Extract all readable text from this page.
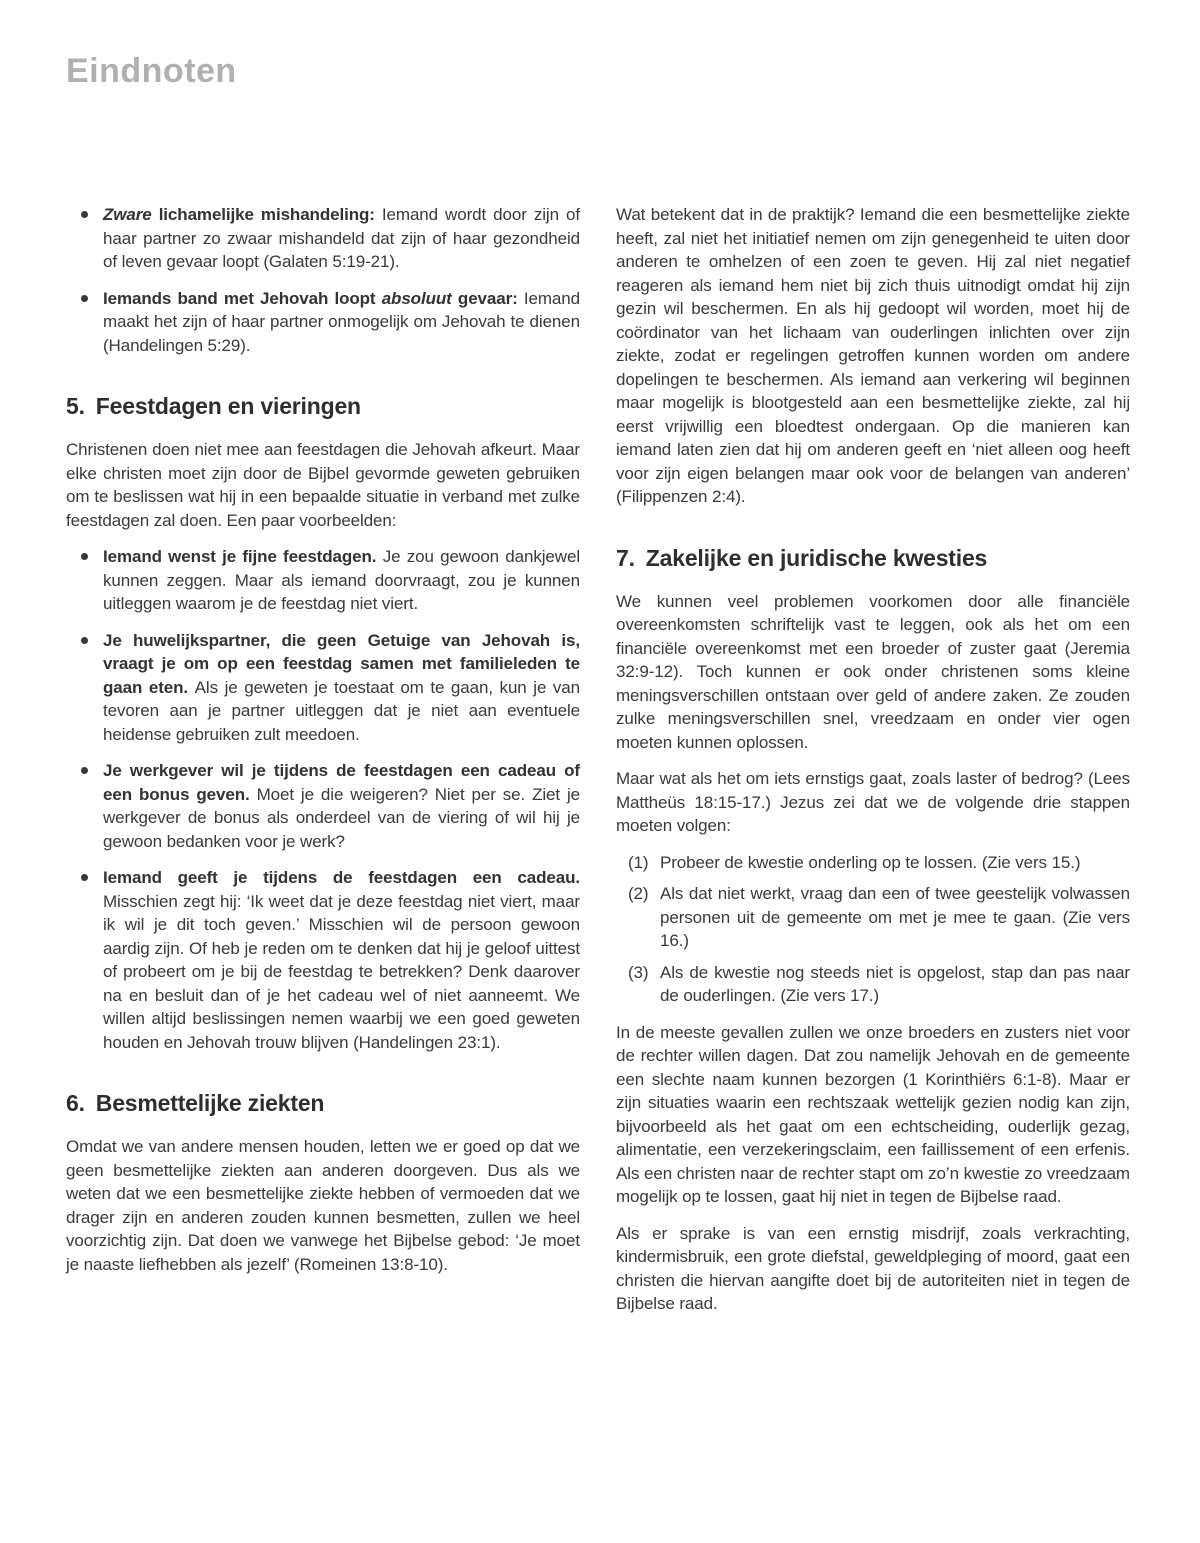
Eindnoten
Zware lichamelijke mishandeling: Iemand wordt door zijn of haar partner zo zwaar mishandeld dat zijn of haar gezondheid of leven gevaar loopt (Galaten 5:19-21).
Iemands band met Jehovah loopt absoluut gevaar: Iemand maakt het zijn of haar partner onmogelijk om Jehovah te dienen (Handelingen 5:29).
5. Feestdagen en vieringen

Christenen doen niet mee aan feestdagen die Jehovah afkeurt. Maar elke christen moet zijn door de Bijbel gevormde geweten gebruiken om te beslissen wat hij in een bepaalde situatie in verband met zulke feestdagen zal doen. Een paar voorbeelden:

Iemand wenst je fijne feestdagen. Je zou gewoon dankjewel kunnen zeggen. Maar als iemand doorvraagt, zou je kunnen uitleggen waarom je de feestdag niet viert.
Je huwelijkspartner, die geen Getuige van Jehovah is, vraagt je om op een feestdag samen met familieleden te gaan eten. Als je geweten je toestaat om te gaan, kun je van tevoren aan je partner uitleggen dat je niet aan eventuele heidense gebruiken zult meedoen.
Je werkgever wil je tijdens de feestdagen een cadeau of een bonus geven. Moet je die weigeren? Niet per se. Ziet je werkgever de bonus als onderdeel van de viering of wil hij je gewoon bedanken voor je werk?
Iemand geeft je tijdens de feestdagen een cadeau. Misschien zegt hij: ‘Ik weet dat je deze feestdag niet viert, maar ik wil je dit toch geven.’ Misschien wil de persoon gewoon aardig zijn. Of heb je reden om te denken dat hij je geloof uittest of probeert om je bij de feestdag te betrekken? Denk daarover na en besluit dan of je het cadeau wel of niet aanneemt. We willen altijd beslissingen nemen waarbij we een goed geweten houden en Jehovah trouw blijven (Handelingen 23:1).
6. Besmettelijke ziekten

Omdat we van andere mensen houden, letten we er goed op dat we geen besmettelijke ziekten aan anderen doorgeven. Dus als we weten dat we een besmettelijke ziekte hebben of vermoeden dat we drager zijn en anderen zouden kunnen besmetten, zullen we heel voorzichtig zijn. Dat doen we vanwege het Bijbelse gebod: ‘Je moet je naaste liefhebben als jezelf’ (Romeinen 13:8-10).

Wat betekent dat in de praktijk? Iemand die een besmettelijke ziekte heeft, zal niet het initiatief nemen om zijn genegenheid te uiten door anderen te omhelzen of een zoen te geven. Hij zal niet negatief reageren als iemand hem niet bij zich thuis uitnodigt omdat hij zijn gezin wil beschermen. En als hij gedoopt wil worden, moet hij de coördinator van het lichaam van ouderlingen inlichten over zijn ziekte, zodat er regelingen getroffen kunnen worden om andere dopelingen te beschermen. Als iemand aan verkering wil beginnen maar mogelijk is blootgesteld aan een besmettelijke ziekte, zal hij eerst vrijwillig een bloedtest ondergaan. Op die manieren kan iemand laten zien dat hij om anderen geeft en ‘niet alleen oog heeft voor zijn eigen belangen maar ook voor de belangen van anderen’ (Filippenzen 2:4).

7. Zakelijke en juridische kwesties

We kunnen veel problemen voorkomen door alle financiële overeenkomsten schriftelijk vast te leggen, ook als het om een financiële overeenkomst met een broeder of zuster gaat (Jeremia 32:9-12). Toch kunnen er ook onder christenen soms kleine meningsverschillen ontstaan over geld of andere zaken. Ze zouden zulke meningsverschillen snel, vreedzaam en onder vier ogen moeten kunnen oplossen.

Maar wat als het om iets ernstigs gaat, zoals laster of bedrog? (Lees Mattheüs 18:15-17.) Jezus zei dat we de volgende drie stappen moeten volgen:

(1) Probeer de kwestie onderling op te lossen. (Zie vers 15.)
(2) Als dat niet werkt, vraag dan een of twee geestelijk volwassen personen uit de gemeente om met je mee te gaan. (Zie vers 16.)
(3) Als de kwestie nog steeds niet is opgelost, stap dan pas naar de ouderlingen. (Zie vers 17.)

In de meeste gevallen zullen we onze broeders en zusters niet voor de rechter willen dagen. Dat zou namelijk Jehovah en de gemeente een slechte naam kunnen bezorgen (1 Korinthiërs 6:1-8). Maar er zijn situaties waarin een rechtszaak wettelijk gezien nodig kan zijn, bijvoorbeeld als het gaat om een echtscheiding, ouderlijk gezag, alimentatie, een verzekeringsclaim, een faillissement of een erfenis. Als een christen naar de rechter stapt om zo’n kwestie zo vreedzaam mogelijk op te lossen, gaat hij niet in tegen de Bijbelse raad.

Als er sprake is van een ernstig misdrijf, zoals verkrachting, kindermisbruik, een grote diefstal, geweldpleging of moord, gaat een christen die hiervan aangifte doet bij de autoriteiten niet in tegen de Bijbelse raad.
